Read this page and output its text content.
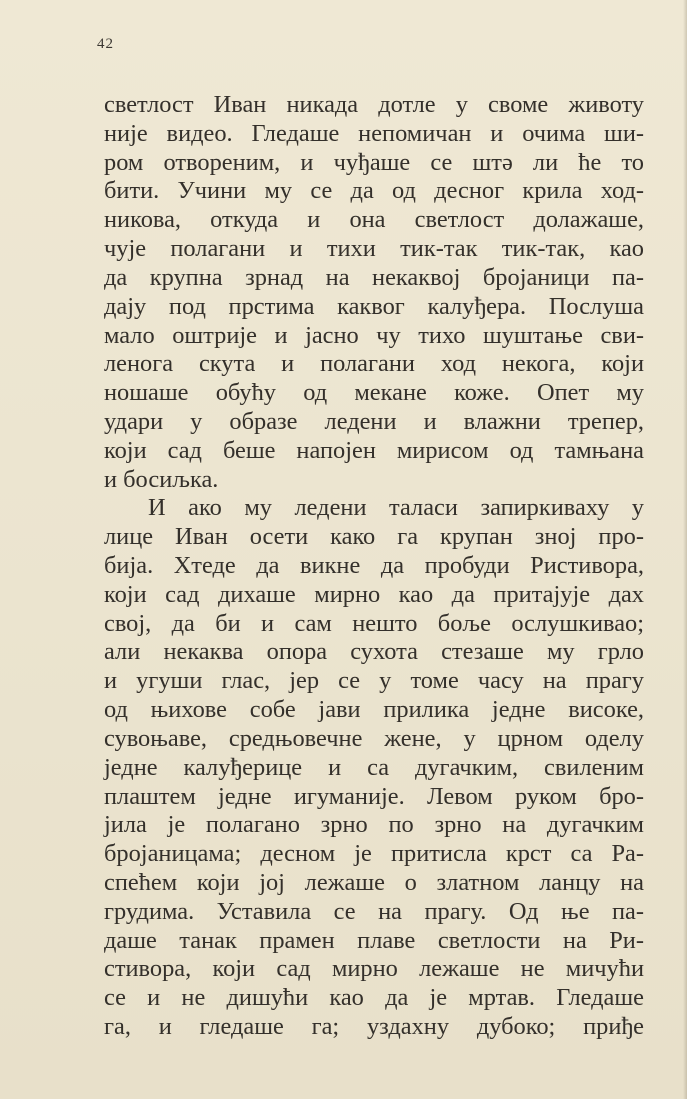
42
светлост Иван никада дотле у своме животу
није видео. Гледаше непомичан и очима ши-
ром отвореним, и чуђаше се штə ли ће то
бити. Учини му се да од десног крила ход-
никова, откуда и она светлост долажаше,
чује полагани и тихи тик-так тик-так, као
да крупна зрнад на некаквој бројаници па-
дају под прстима каквог калуђера. Послуша
мало оштрије и јасно чу тихо шуштање сви-
ленога скута и полагани ход некога, који
ношаше обућу од мекане коже. Опет му
удари у образе ледени и влажни трепер,
који сад беше напојен мирисом од тамњана
и босиљка.
И ако му ледени таласи запиркиваху у
лице Иван осети како га крупан зној про-
бија. Хтеде да викне да пробуди Ристивора,
који сад дихаше мирно као да притајује дах
свој, да би и сам нешто боље ослушкивао;
али некаква опора сухота стезаше му грло
и угуши глас, јер се у томе часу на прагу
од њихове собе јави прилика једне високе,
сувоњаве, средњовечне жене, у црном оделу
једне калуђерице и са дугачким, свиленим
плаштем једне игуманије. Левом руком бро-
јила је полагано зрно по зрно на дугачким
бројаницама; десном је притисла крст са Ра-
спећем који јој лежаше о златном ланцу на
грудима. Уставила се на прагу. Од ње па-
даше танак прамен плаве светлости на Ри-
стивора, који сад мирно лежаше не мичући
се и не дишући као да је мртав. Гледаше
га, и гледаше га; уздахну дубоко; приђе
